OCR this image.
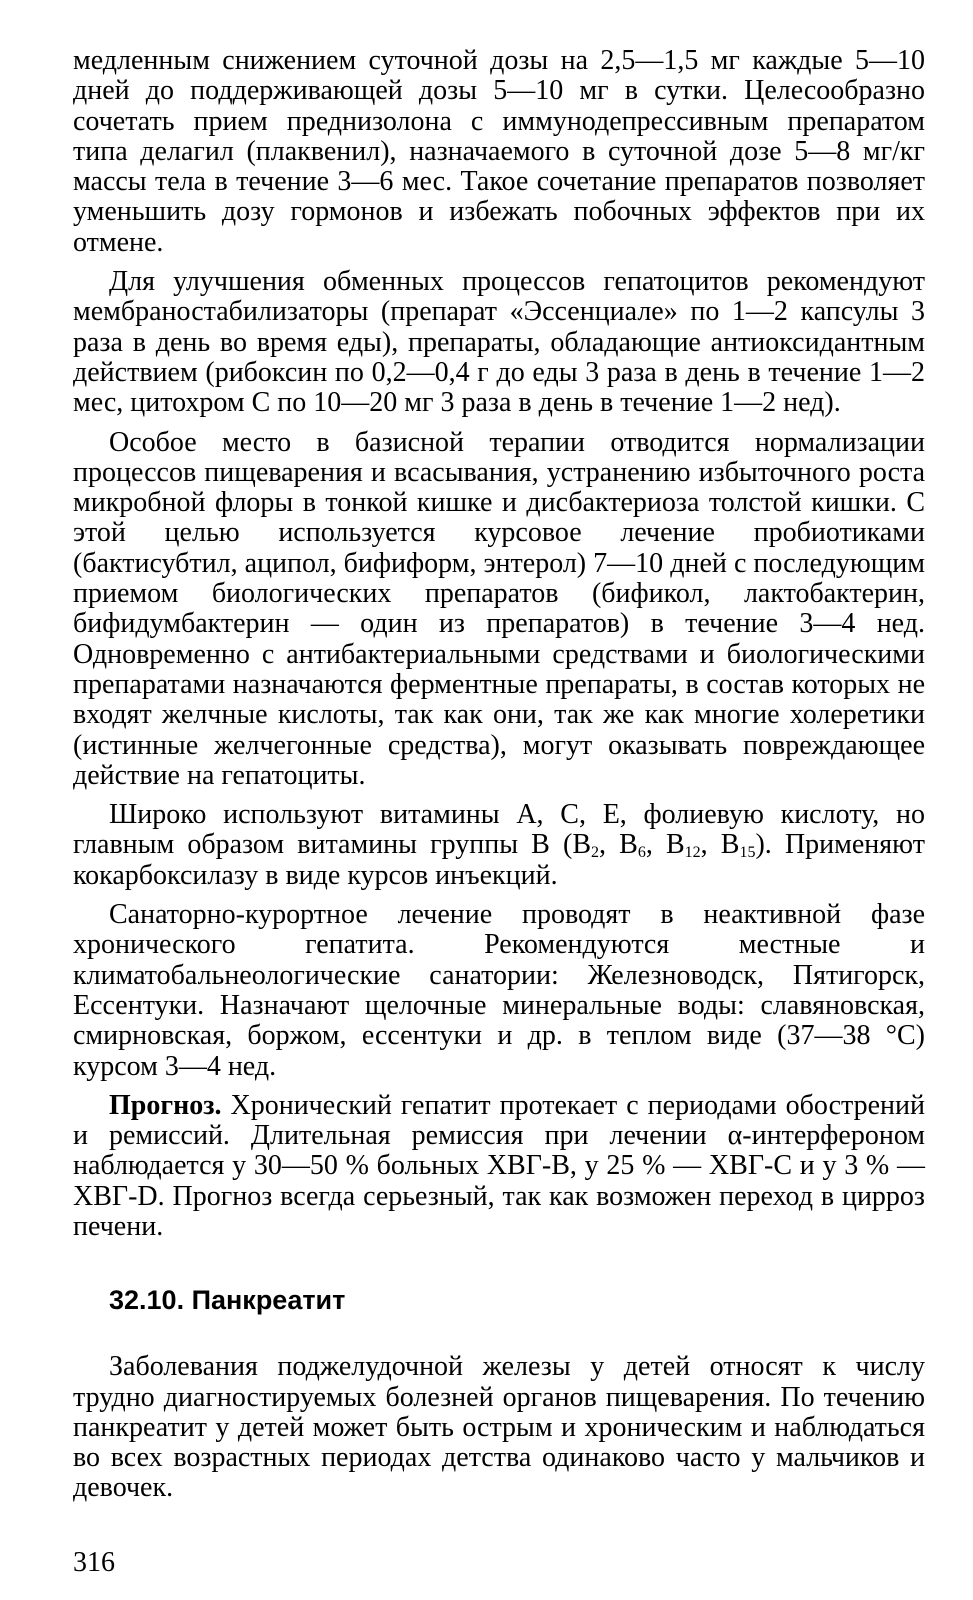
медленным снижением суточной дозы на 2,5—1,5 мг каждые 5—10 дней до поддерживающей дозы 5—10 мг в сутки. Целесообразно сочетать прием преднизолона с иммунодепрессивным препаратом типа делагил (плаквенил), назначаемого в суточной дозе 5—8 мг/кг массы тела в течение 3—6 мес. Такое сочетание препаратов позволяет уменьшить дозу гормонов и избежать побочных эффектов при их отмене.

Для улучшения обменных процессов гепатоцитов рекомендуют мембраностабилизаторы (препарат «Эссенциале» по 1—2 капсулы 3 раза в день во время еды), препараты, обладающие антиоксидантным действием (рибоксин по 0,2—0,4 г до еды 3 раза в день в течение 1—2 мес, цитохром С по 10—20 мг 3 раза в день в течение 1—2 нед).

Особое место в базисной терапии отводится нормализации процессов пищеварения и всасывания, устранению избыточного роста микробной флоры в тонкой кишке и дисбактериоза толстой кишки. С этой целью используется курсовое лечение пробиотиками (бактисубтил, аципол, бифиформ, энтерол) 7—10 дней с последующим приемом биологических препаратов (бификол, лактобактерин, бифидумбактерин — один из препаратов) в течение 3—4 нед. Одновременно с антибактериальными средствами и биологическими препаратами назначаются ферментные препараты, в состав которых не входят желчные кислоты, так как они, так же как многие холеретики (истинные желчегонные средства), могут оказывать повреждающее действие на гепатоциты.

Широко используют витамины А, С, Е, фолиевую кислоту, но главным образом витамины группы В ($В_2$, $В_6$, $В_{12}$, $В_{15}$). Применяют кокарбоксилазу в виде курсов инъекций.

Санаторно-курортное лечение проводят в неактивной фазе хронического гепатита. Рекомендуются местные и климатобальнеологические санатории: Железноводск, Пятигорск, Ессентуки. Назначают щелочные минеральные воды: славяновская, смирновская, боржом, ессентуки и др. в теплом виде (37—38 °С) курсом 3—4 нед.

Прогноз. Хронический гепатит протекает с периодами обострений и ремиссий. Длительная ремиссия при лечении α-интерфероном наблюдается у 30—50 % больных ХВГ-В, у 25 % — ХВГ-С и у 3 % — ХВГ-D. Прогноз всегда серьезный, так как возможен переход в цирроз печени.

32.10. Панкреатит

Заболевания поджелудочной железы у детей относят к числу трудно диагностируемых болезней органов пищеварения. По течению панкреатит у детей может быть острым и хроническим и наблюдаться во всех возрастных периодах детства одинаково часто у мальчиков и девочек.

316
